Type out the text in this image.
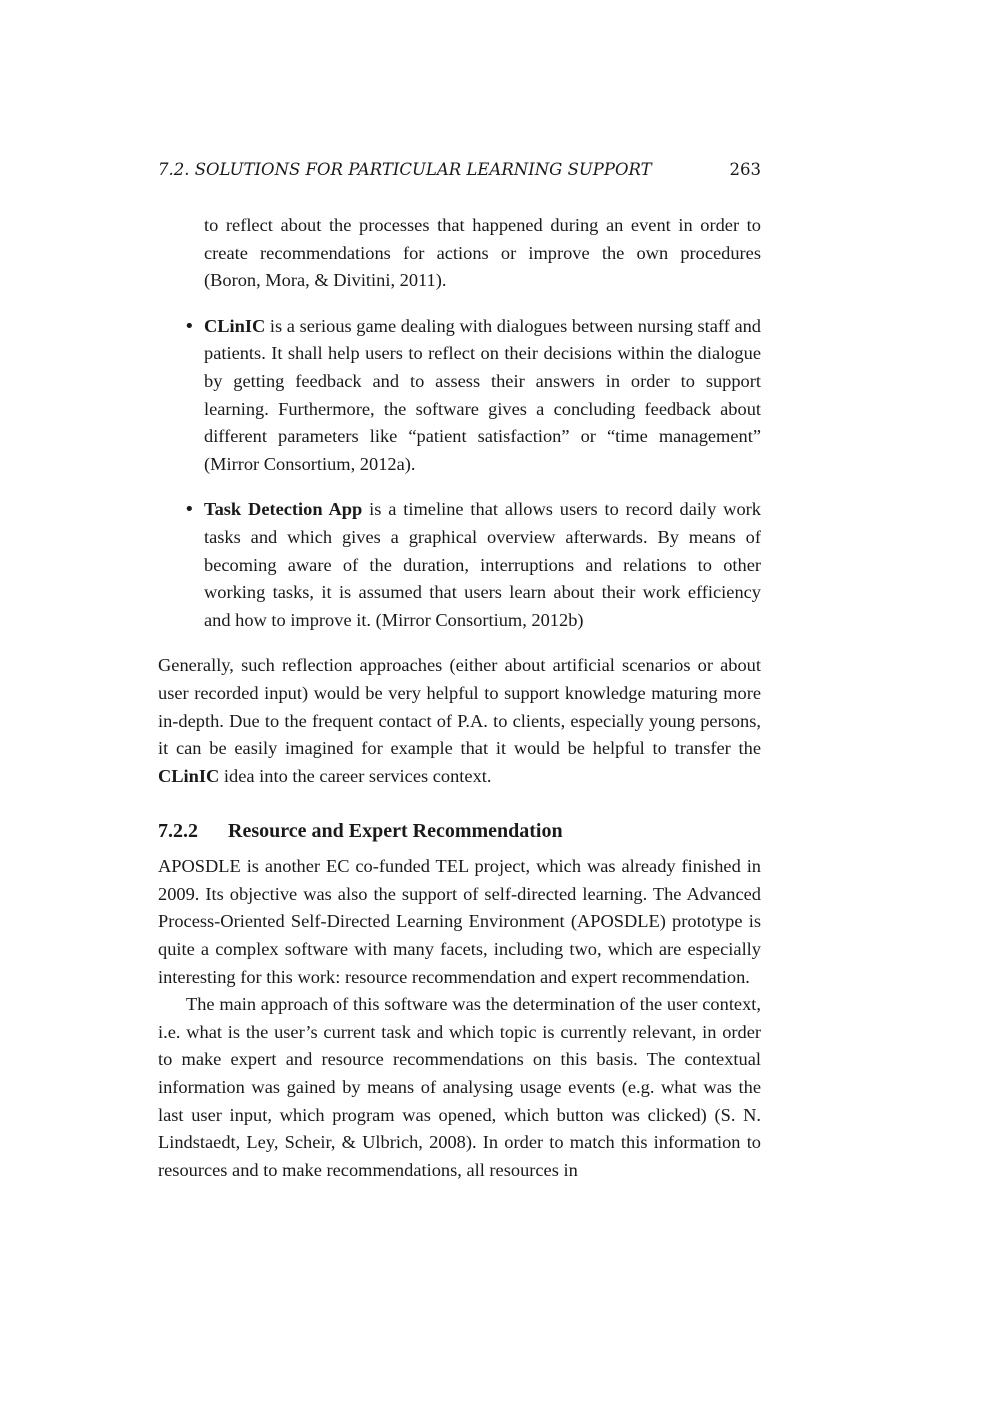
7.2. SOLUTIONS FOR PARTICULAR LEARNING SUPPORT	263

to reflect about the processes that happened during an event in order to create recommendations for actions or improve the own procedures (Boron, Mora, & Divitini, 2011).

• CLinIC is a serious game dealing with dialogues between nursing staff and patients. It shall help users to reflect on their decisions within the dialogue by getting feedback and to assess their answers in order to support learning. Furthermore, the software gives a concluding feedback about different parameters like “patient satisfaction” or “time management” (Mirror Consortium, 2012a).
• Task Detection App is a timeline that allows users to record daily work tasks and which gives a graphical overview afterwards. By means of becoming aware of the duration, interruptions and relations to other working tasks, it is assumed that users learn about their work efficiency and how to improve it. (Mirror Consortium, 2012b)

Generally, such reflection approaches (either about artificial scenarios or about user recorded input) would be very helpful to support knowledge maturing more in-depth. Due to the frequent contact of P.A. to clients, especially young persons, it can be easily imagined for example that it would be helpful to transfer the CLinIC idea into the career services context.

7.2.2	Resource and Expert Recommendation

APOSDLE is another EC co-funded TEL project, which was already finished in 2009. Its objective was also the support of self-directed learning. The Advanced Process-Oriented Self-Directed Learning Environment (APOSDLE) prototype is quite a complex software with many facets, including two, which are especially interesting for this work: resource recommendation and expert recommendation.

The main approach of this software was the determination of the user context, i.e. what is the user’s current task and which topic is currently relevant, in order to make expert and resource recommendations on this basis. The contextual information was gained by means of analysing usage events (e.g. what was the last user input, which program was opened, which button was clicked) (S. N. Lindstaedt, Ley, Scheir, & Ulbrich, 2008). In order to match this information to resources and to make recommendations, all resources in
